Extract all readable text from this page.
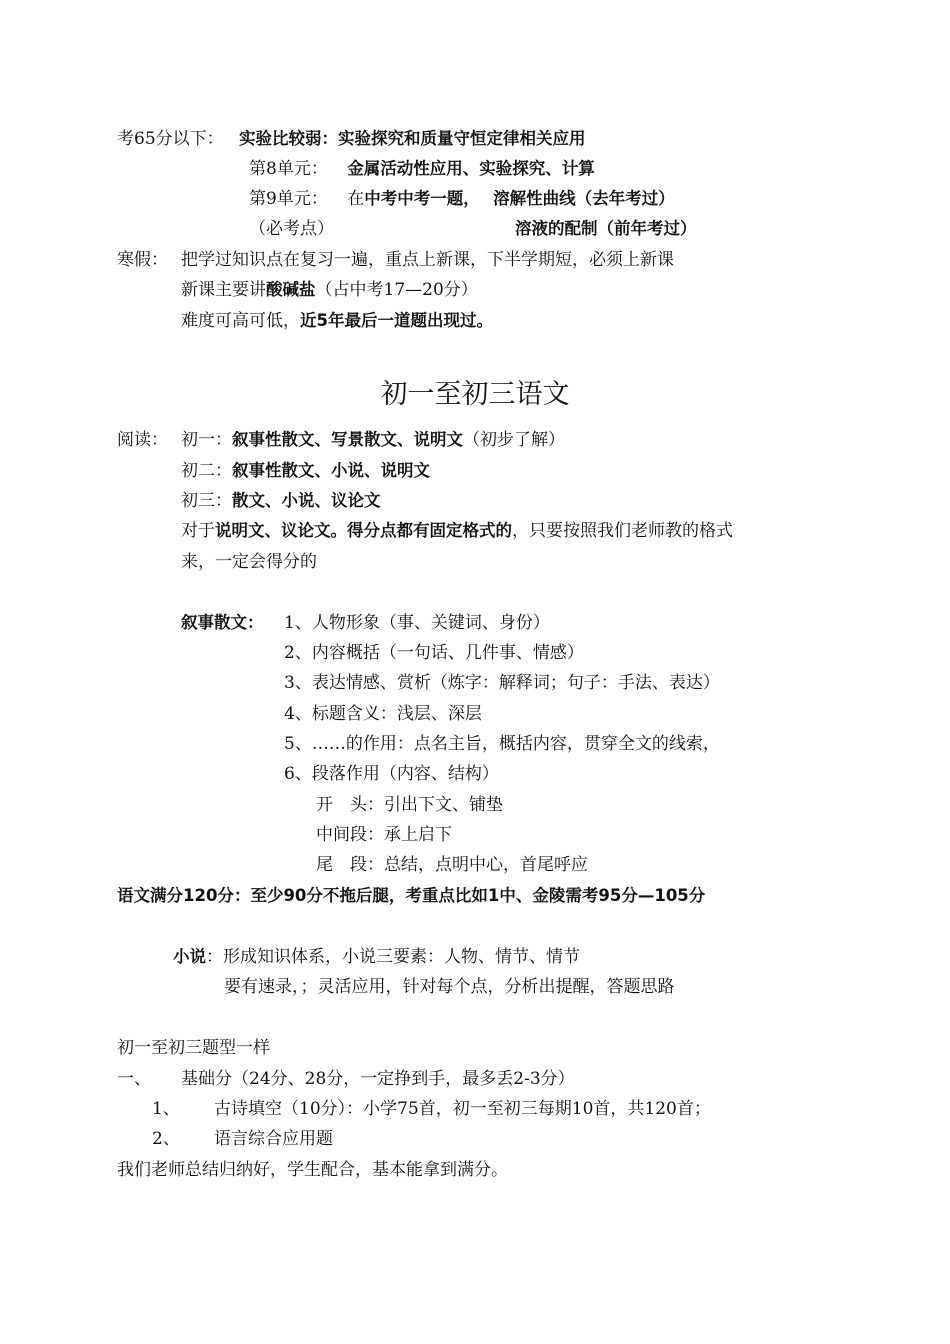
考65分以下： 实验比较弱：实验探究和质量守恒定律相关应用
第8单元： 金属活动性应用、实验探究、计算
第9单元： 在中考中考一题， 溶解性曲线（去年考过）
（必考点）	溶液的配制（前年考过）
寒假： 把学过知识点在复习一遍，重点上新课，下半学期短，必须上新课
新课主要讲酸碱盐（占中考17—20分）
难度可高可低，近5年最后一道题出现过。
初一至初三语文
阅读： 初一：叙事性散文、写景散文、说明文（初步了解）
初二：叙事性散文、小说、说明文
初三：散文、小说、议论文
对于说明文、议论文。得分点都有固定格式的，只要按照我们老师教的格式
来，一定会得分的
叙事散文： 1、人物形象（事、关键词、身份）
2、内容概括（一句话、几件事、情感）
3、表达情感、赏析（炼字：解释词；句子：手法、表达）
4、标题含义：浅层、深层
5、……的作用：点名主旨，概括内容，贯穿全文的线索，
6、段落作用（内容、结构）
开　头：引出下文、铺垫
中间段：承上启下
尾　段：总结，点明中心，首尾呼应
语文满分120分：至少90分不拖后腿，考重点比如1中、金陵需考95分—105分
小说：形成知识体系，小说三要素：人物、情节、情节
要有速录，；灵活应用，针对每个点，分析出提醒，答题思路
初一至初三题型一样
一、 基础分（24分、28分，一定挣到手，最多丢2-3分）
1、 古诗填空（10分）：小学75首，初一至初三每期10首，共120首；
2、 语言综合应用题
我们老师总结归纳好，学生配合，基本能拿到满分。
